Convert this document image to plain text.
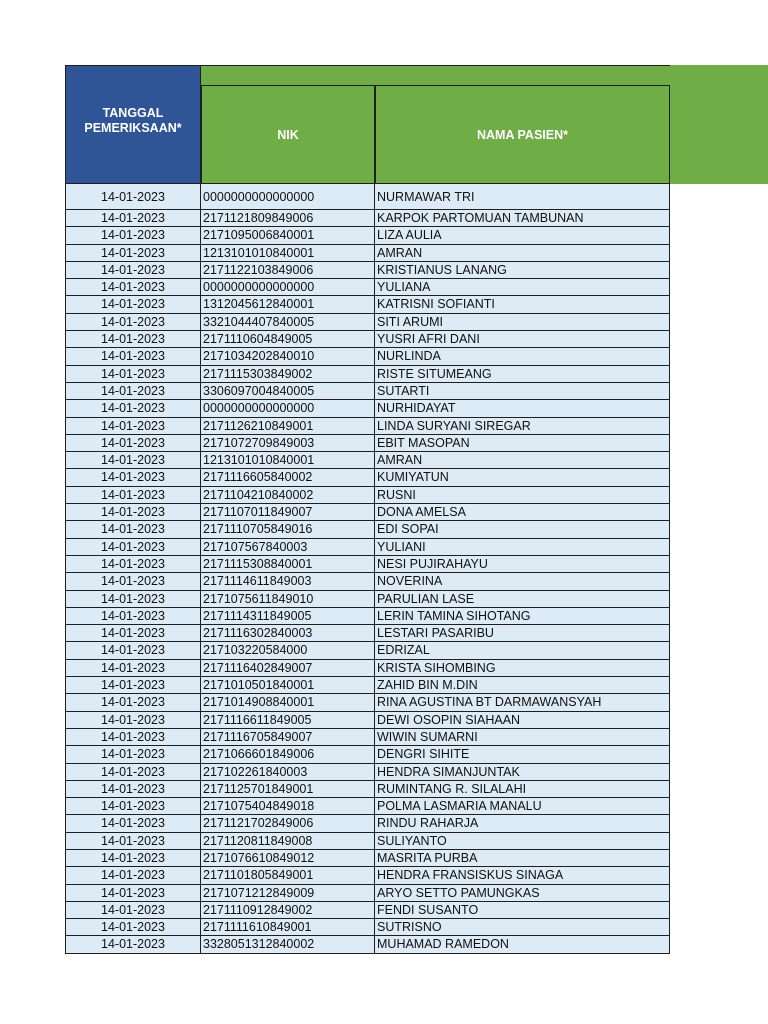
TANGGAL PEMERIKSAAN*	NIK	NAMA PASIEN*
14-01-2023	0000000000000000	NURMAWAR TRI
14-01-2023	2171121809849006	KARPOK PARTOMUAN TAMBUNAN
14-01-2023	2171095006840001	LIZA AULIA
14-01-2023	1213101010840001	AMRAN
14-01-2023	2171122103849006	KRISTIANUS LANANG
14-01-2023	0000000000000000	YULIANA
14-01-2023	1312045612840001	KATRISNI SOFIANTI
14-01-2023	3321044407840005	SITI ARUMI
14-01-2023	2171110604849005	YUSRI AFRI DANI
14-01-2023	2171034202840010	NURLINDA
14-01-2023	2171115303849002	RISTE SITUMEANG
14-01-2023	3306097004840005	SUTARTI
14-01-2023	0000000000000000	NURHIDAYAT
14-01-2023	2171126210849001	LINDA SURYANI SIREGAR
14-01-2023	2171072709849003	EBIT MASOPAN
14-01-2023	1213101010840001	AMRAN
14-01-2023	2171116605840002	KUMIYATUN
14-01-2023	2171104210840002	RUSNI
14-01-2023	2171107011849007	DONA AMELSA
14-01-2023	2171110705849016	EDI SOPAI
14-01-2023	217107567840003	YULIANI
14-01-2023	2171115308840001	NESI PUJIRAHAYU
14-01-2023	2171114611849003	NOVERINA
14-01-2023	2171075611849010	PARULIAN LASE
14-01-2023	2171114311849005	LERIN TAMINA SIHOTANG
14-01-2023	2171116302840003	LESTARI PASARIBU
14-01-2023	217103220584000	EDRIZAL
14-01-2023	2171116402849007	KRISTA SIHOMBING
14-01-2023	2171010501840001	ZAHID BIN M.DIN
14-01-2023	2171014908840001	RINA AGUSTINA BT DARMAWANSYAH
14-01-2023	2171116611849005	DEWI OSOPIN SIAHAAN
14-01-2023	2171116705849007	WIWIN SUMARNI
14-01-2023	2171066601849006	DENGRI SIHITE
14-01-2023	217102261840003	HENDRA SIMANJUNTAK
14-01-2023	2171125701849001	RUMINTANG R. SILALAHI
14-01-2023	2171075404849018	POLMA LASMARIA MANALU
14-01-2023	2171121702849006	RINDU RAHARJA
14-01-2023	2171120811849008	SULIYANTO
14-01-2023	2171076610849012	MASRITA PURBA
14-01-2023	2171101805849001	HENDRA FRANSISKUS SINAGA
14-01-2023	2171071212849009	ARYO SETTO PAMUNGKAS
14-01-2023	2171110912849002	FENDI SUSANTO
14-01-2023	2171111610849001	SUTRISNO
14-01-2023	3328051312840002	MUHAMAD RAMEDON
